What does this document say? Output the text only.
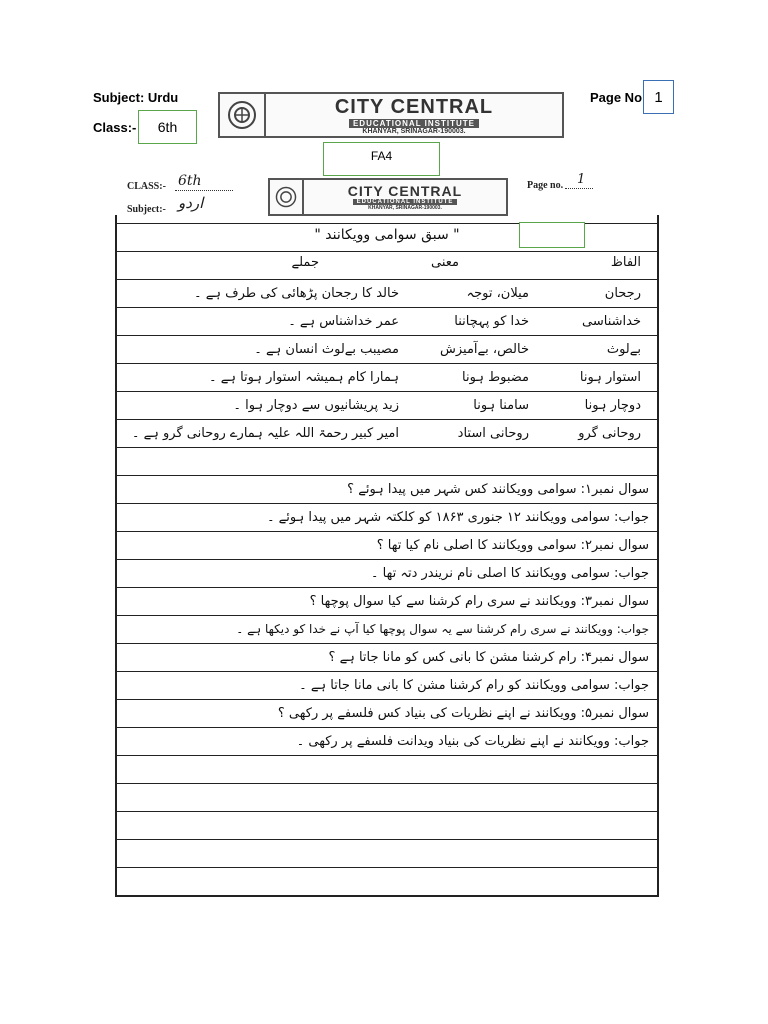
Subject: Urdu
Class:-	6th
Page No 1
CITY CENTRAL
EDUCATIONAL INSTITUTE
KHANYAR, SRINAGAR-190003.
FA4
CLASS:- 6th
Subject:- اردو
CITY CENTRAL
EDUCATIONAL INSTITUTE
KHANYAR, SRINAGAR-190003.
Page no. 1
" سبق سوامی وویکانند "
الفاظ
معنی
جملے
رجحان
میلان، توجہ
خالد کا رجحان پڑھائی کی طرف ہے ۔
خداشناسی
خدا کو پہچاننا
عمر خداشناس ہے ۔
بےلوث
خالص، بےآمیزش
مصیبب بےلوث انسان ہے ۔
استوار ہونا
مضبوط ہونا
ہمارا کام ہمیشہ استوار ہوتا ہے ۔
دوچار ہونا
سامنا ہونا
زید پریشانیوں سے دوچار ہوا ۔
روحانی گرو
روحانی استاد
امیر کبیر رحمۃ اللہ علیہ ہمارے روحانی گرو ہے ۔
سوال نمبر۱: سوامی وویکانند کس شہر میں پیدا ہوئے ؟
جواب: سوامی وویکانند ۱۲ جنوری ۱۸۶۳ کو کلکتہ شہر میں پیدا ہوئے ۔
سوال نمبر۲: سوامی وویکانند کا اصلی نام کیا تھا ؟
جواب: سوامی وویکانند کا اصلی نام نریندر دتہ تھا ۔
سوال نمبر۳: وویکانند نے سری رام کرشنا سے کیا سوال پوچھا ؟
جواب: وویکانند نے سری رام کرشنا سے یہ سوال پوچھا کیا آپ نے خدا کو دیکھا ہے ۔
سوال نمبر۴: رام کرشنا مشن کا بانی کس کو مانا جاتا ہے ؟
جواب: سوامی وویکانند کو رام کرشنا مشن کا بانی مانا جاتا ہے ۔
سوال نمبر۵: وویکانند نے اپنے نظریات کی بنیاد کس فلسفے پر رکھی ؟
جواب: وویکانند نے اپنے نظریات کی بنیاد ویدانت فلسفے پر رکھی ۔
